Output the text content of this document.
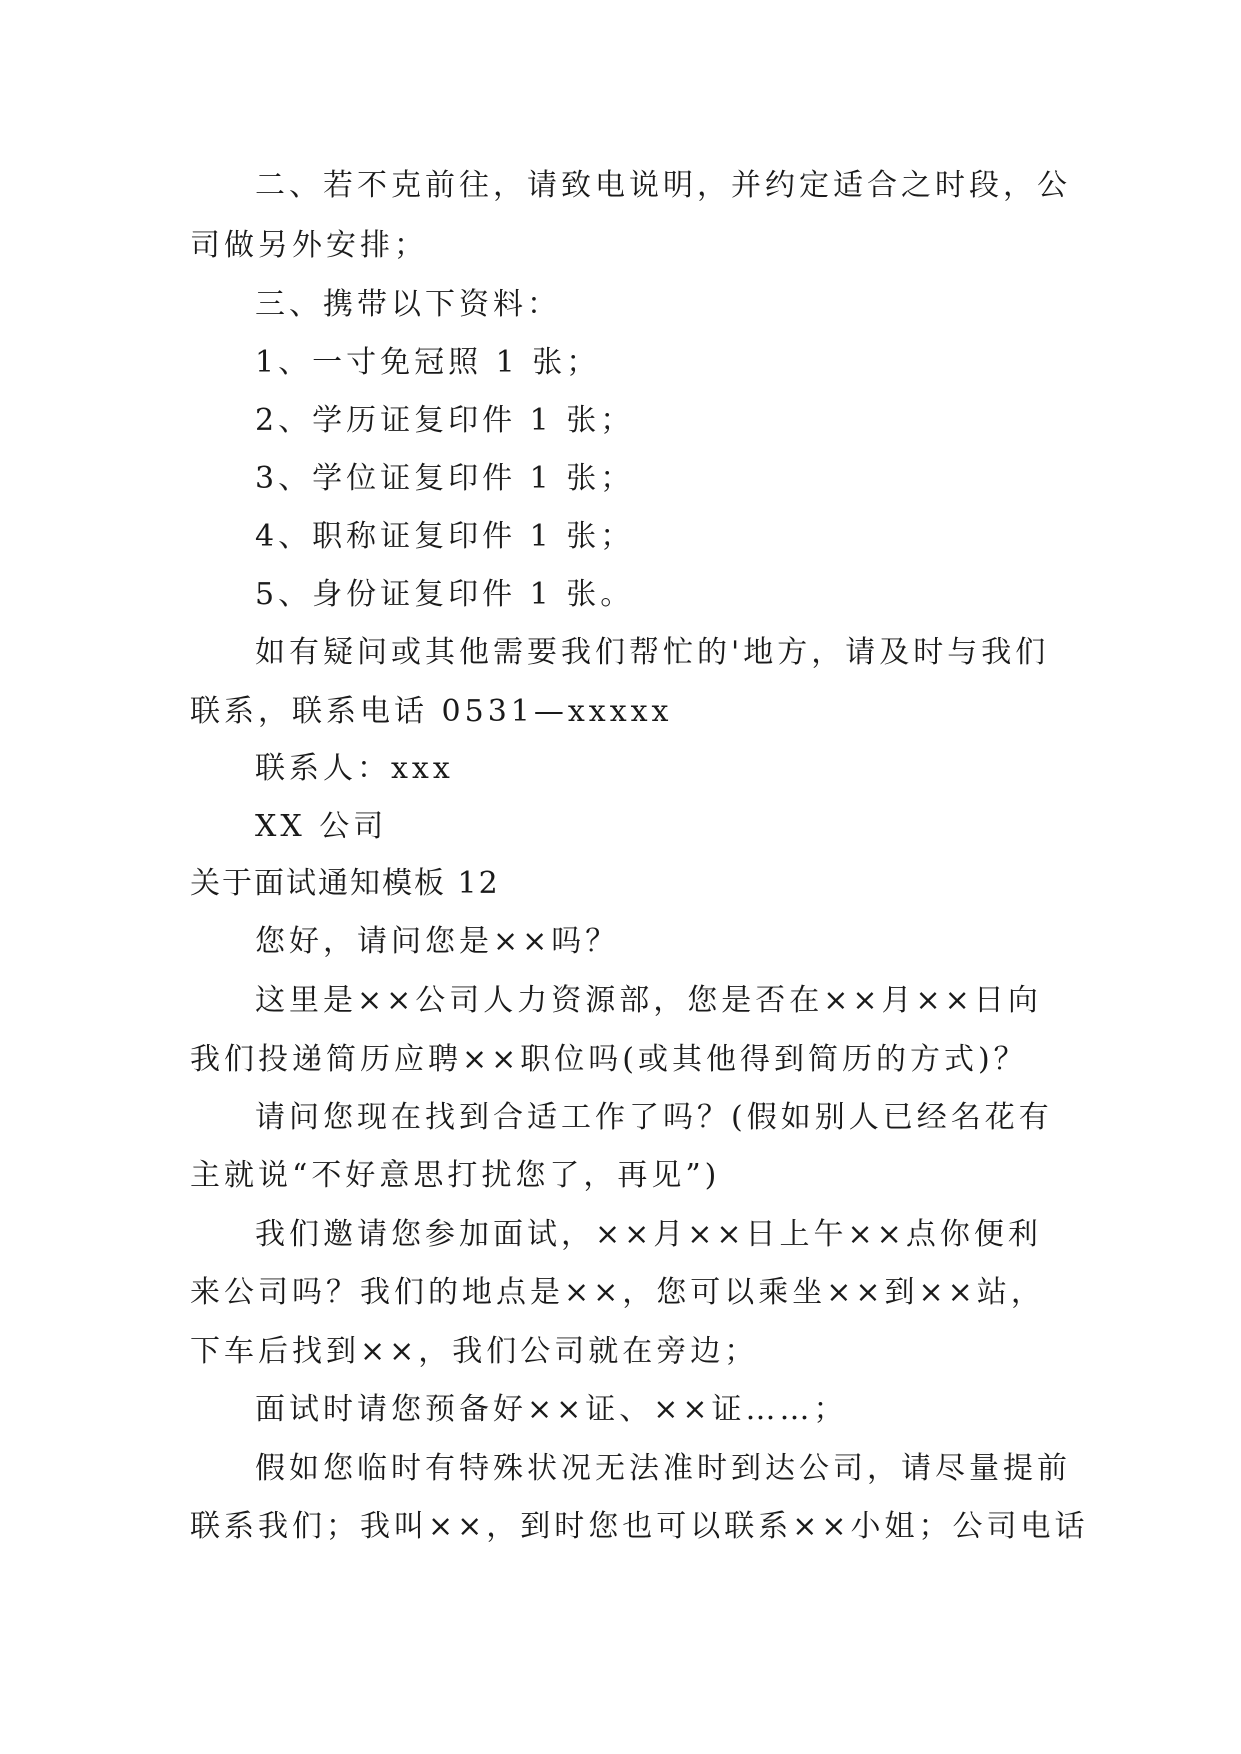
二、若不克前往，请致电说明，并约定适合之时段，公
司做另外安排；
三、携带以下资料：
1、一寸免冠照 1 张；
2、学历证复印件 1 张；
3、学位证复印件 1 张；
4、职称证复印件 1 张；
5、身份证复印件 1 张。
如有疑问或其他需要我们帮忙的'地方，请及时与我们
联系，联系电话 0531—xxxxx
联系人：xxx
XX 公司
关于面试通知模板 12
您好，请问您是××吗？
这里是××公司人力资源部，您是否在××月××日向
我们投递简历应聘××职位吗(或其他得到简历的方式)？
请问您现在找到合适工作了吗？(假如别人已经名花有
主就说“不好意思打扰您了，再见”)
我们邀请您参加面试，××月××日上午××点你便利
来公司吗？我们的地点是××，您可以乘坐××到××站，
下车后找到××，我们公司就在旁边；
面试时请您预备好××证、××证……；
假如您临时有特殊状况无法准时到达公司，请尽量提前
联系我们；我叫××，到时您也可以联系××小姐；公司电话
